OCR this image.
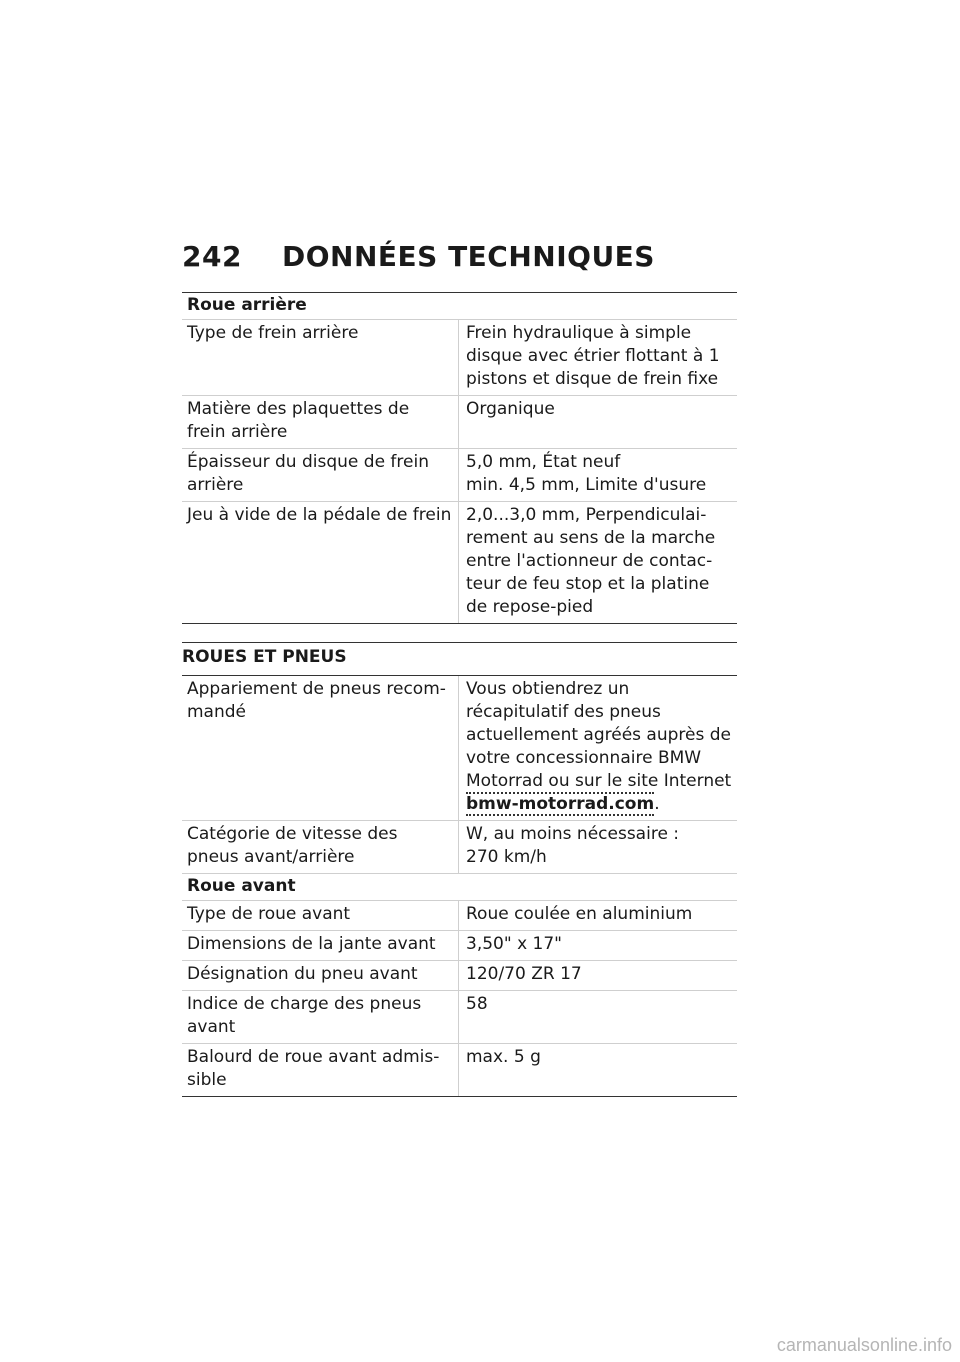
242	DONNÉES TECHNIQUES
Roue arrière
Type de frein arrière	Frein hydraulique à simple disque avec étrier flottant à 1 pistons et disque de frein fixe
Matière des plaquettes de frein arrière	Organique
Épaisseur du disque de frein arrière	5,0 mm, État neuf
min. 4,5 mm, Limite d'usure

Jeu à vide de la pédale de frein	2,0...3,0 mm, Perpendiculairement au sens de la marche entre l'actionneur de contacteur de feu stop et la platine de repose-pied
ROUES ET PNEUS
Appariement de pneus recommandé	Vous obtiendrez un récapitulatif des pneus actuellement agréés auprès de votre concessionnaire BMW Motorrad ou sur le site Internet bmw-motorrad.com.
Catégorie de vitesse des pneus avant/arrière	W, au moins nécessaire :
270 km/h
Roue avant
Type de roue avant	Roue coulée en aluminium
Dimensions de la jante avant	3,50" x 17"
Désignation du pneu avant	120/70 ZR 17
Indice de charge des pneus avant	58
Balourd de roue avant admissible	max. 5 g
carmanualsonline.info
